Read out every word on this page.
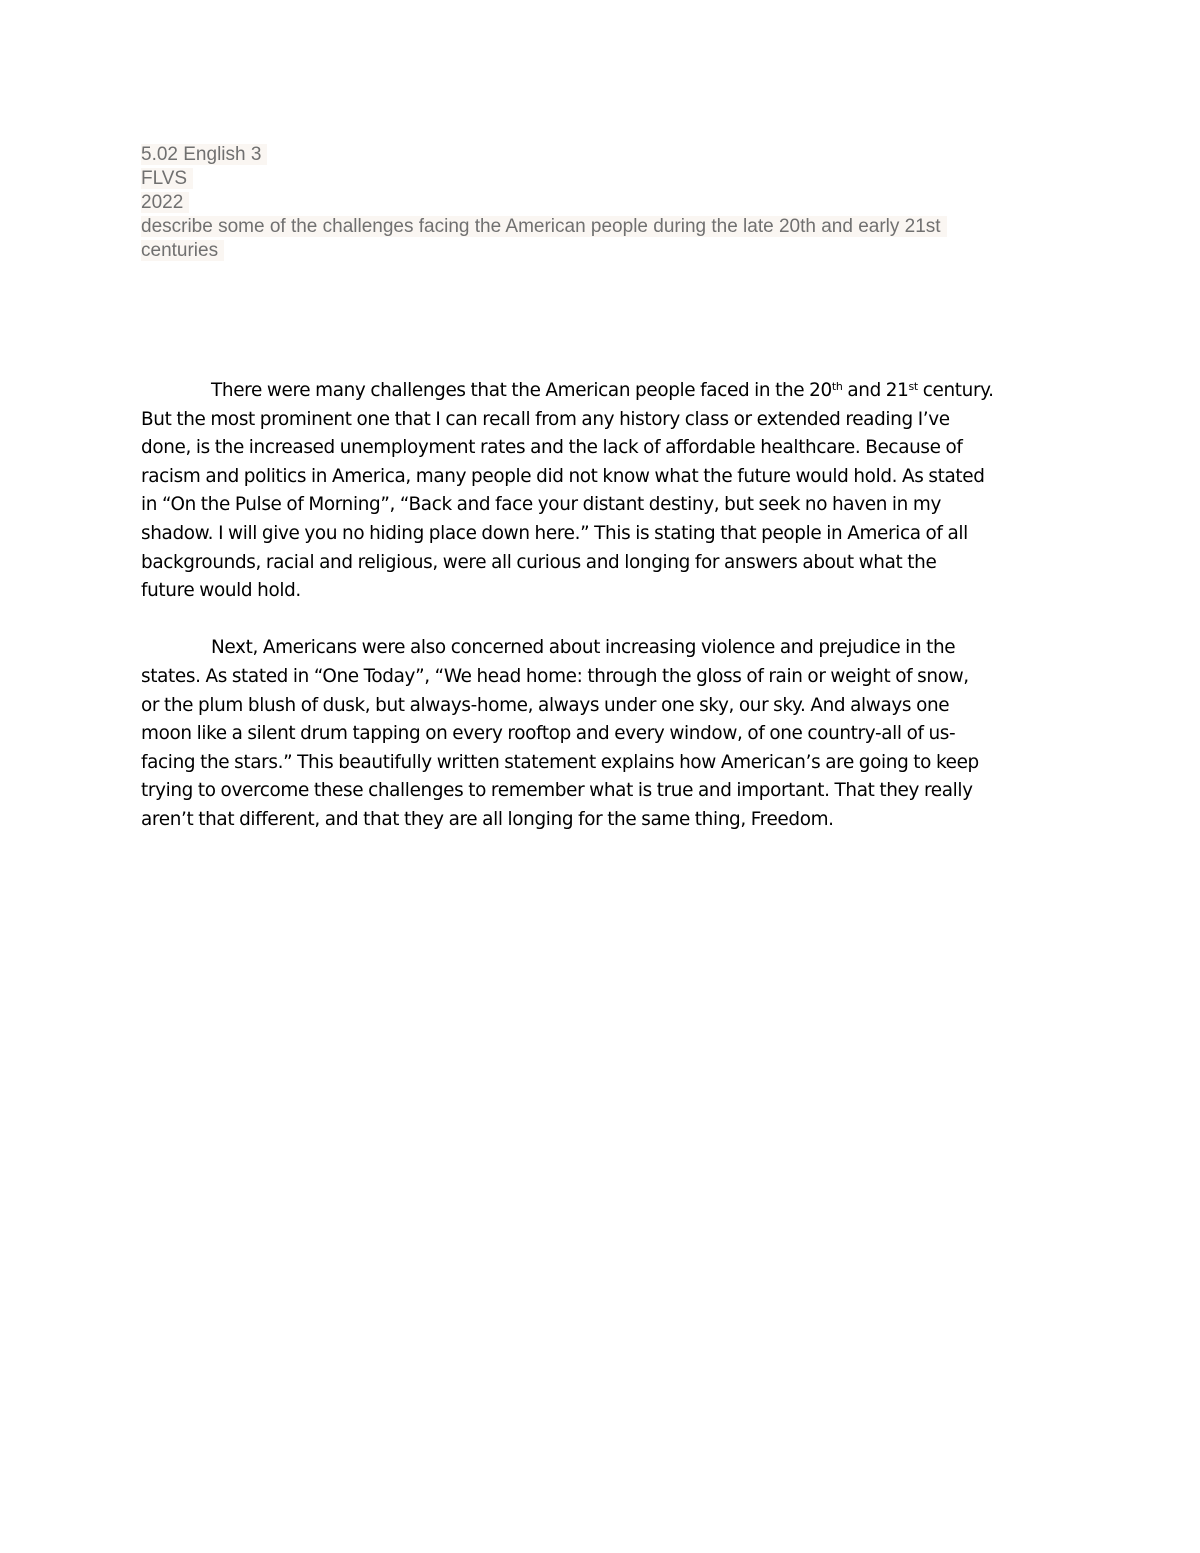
5.02 English 3
FLVS
2022
describe some of the challenges facing the American people during the late 20th and early 21st
centuries
There were many challenges that the American people faced in the 20th and 21st century.
But the most prominent one that I can recall from any history class or extended reading I’ve
done, is the increased unemployment rates and the lack of affordable healthcare. Because of
racism and politics in America, many people did not know what the future would hold. As stated
in “On the Pulse of Morning”, “Back and face your distant destiny, but seek no haven in my
shadow. I will give you no hiding place down here.” This is stating that people in America of all
backgrounds, racial and religious, were all curious and longing for answers about what the
future would hold.
Next, Americans were also concerned about increasing violence and prejudice in the
states. As stated in “One Today”, “We head home: through the gloss of rain or weight of snow,
or the plum blush of dusk, but always-home, always under one sky, our sky. And always one
moon like a silent drum tapping on every rooftop and every window, of one country-all of us-
facing the stars.” This beautifully written statement explains how American’s are going to keep
trying to overcome these challenges to remember what is true and important. That they really
aren’t that different, and that they are all longing for the same thing, Freedom.
